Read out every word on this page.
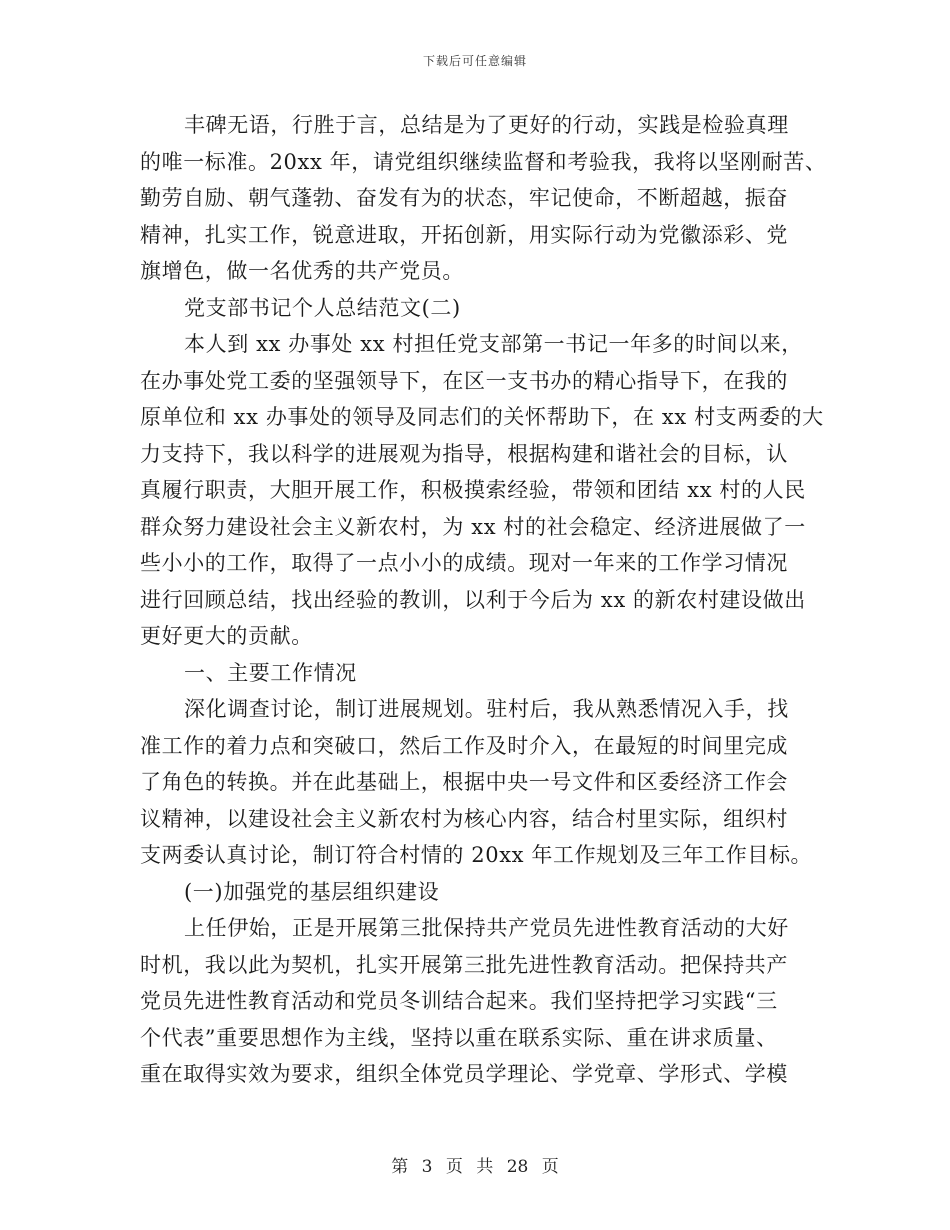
下载后可任意编辑
丰碑无语，行胜于言，总结是为了更好的行动，实践是检验真理
的唯一标准。20xx 年，请党组织继续监督和考验我，我将以坚刚耐苦、
勤劳自励、朝气蓬勃、奋发有为的状态，牢记使命，不断超越，振奋
精神，扎实工作，锐意进取，开拓创新，用实际行动为党徽添彩、党
旗增色，做一名优秀的共产党员。
党支部书记个人总结范文(二)
本人到 xx 办事处 xx 村担任党支部第一书记一年多的时间以来，
在办事处党工委的坚强领导下，在区一支书办的精心指导下，在我的
原单位和 xx 办事处的领导及同志们的关怀帮助下，在 xx 村支两委的大
力支持下，我以科学的进展观为指导，根据构建和谐社会的目标，认
真履行职责，大胆开展工作，积极摸索经验，带领和团结 xx 村的人民
群众努力建设社会主义新农村，为 xx 村的社会稳定、经济进展做了一
些小小的工作，取得了一点小小的成绩。现对一年来的工作学习情况
进行回顾总结，找出经验的教训，以利于今后为 xx 的新农村建设做出
更好更大的贡献。
一、主要工作情况
深化调查讨论，制订进展规划。驻村后，我从熟悉情况入手，找
准工作的着力点和突破口，然后工作及时介入，在最短的时间里完成
了角色的转换。并在此基础上，根据中央一号文件和区委经济工作会
议精神，以建设社会主义新农村为核心内容，结合村里实际，组织村
支两委认真讨论，制订符合村情的 20xx 年工作规划及三年工作目标。
(一)加强党的基层组织建设
上任伊始，正是开展第三批保持共产党员先进性教育活动的大好
时机，我以此为契机，扎实开展第三批先进性教育活动。把保持共产
党员先进性教育活动和党员冬训结合起来。我们坚持把学习实践“三
个代表”重要思想作为主线，坚持以重在联系实际、重在讲求质量、
重在取得实效为要求，组织全体党员学理论、学党章、学形式、学模
第 3 页 共 28 页
